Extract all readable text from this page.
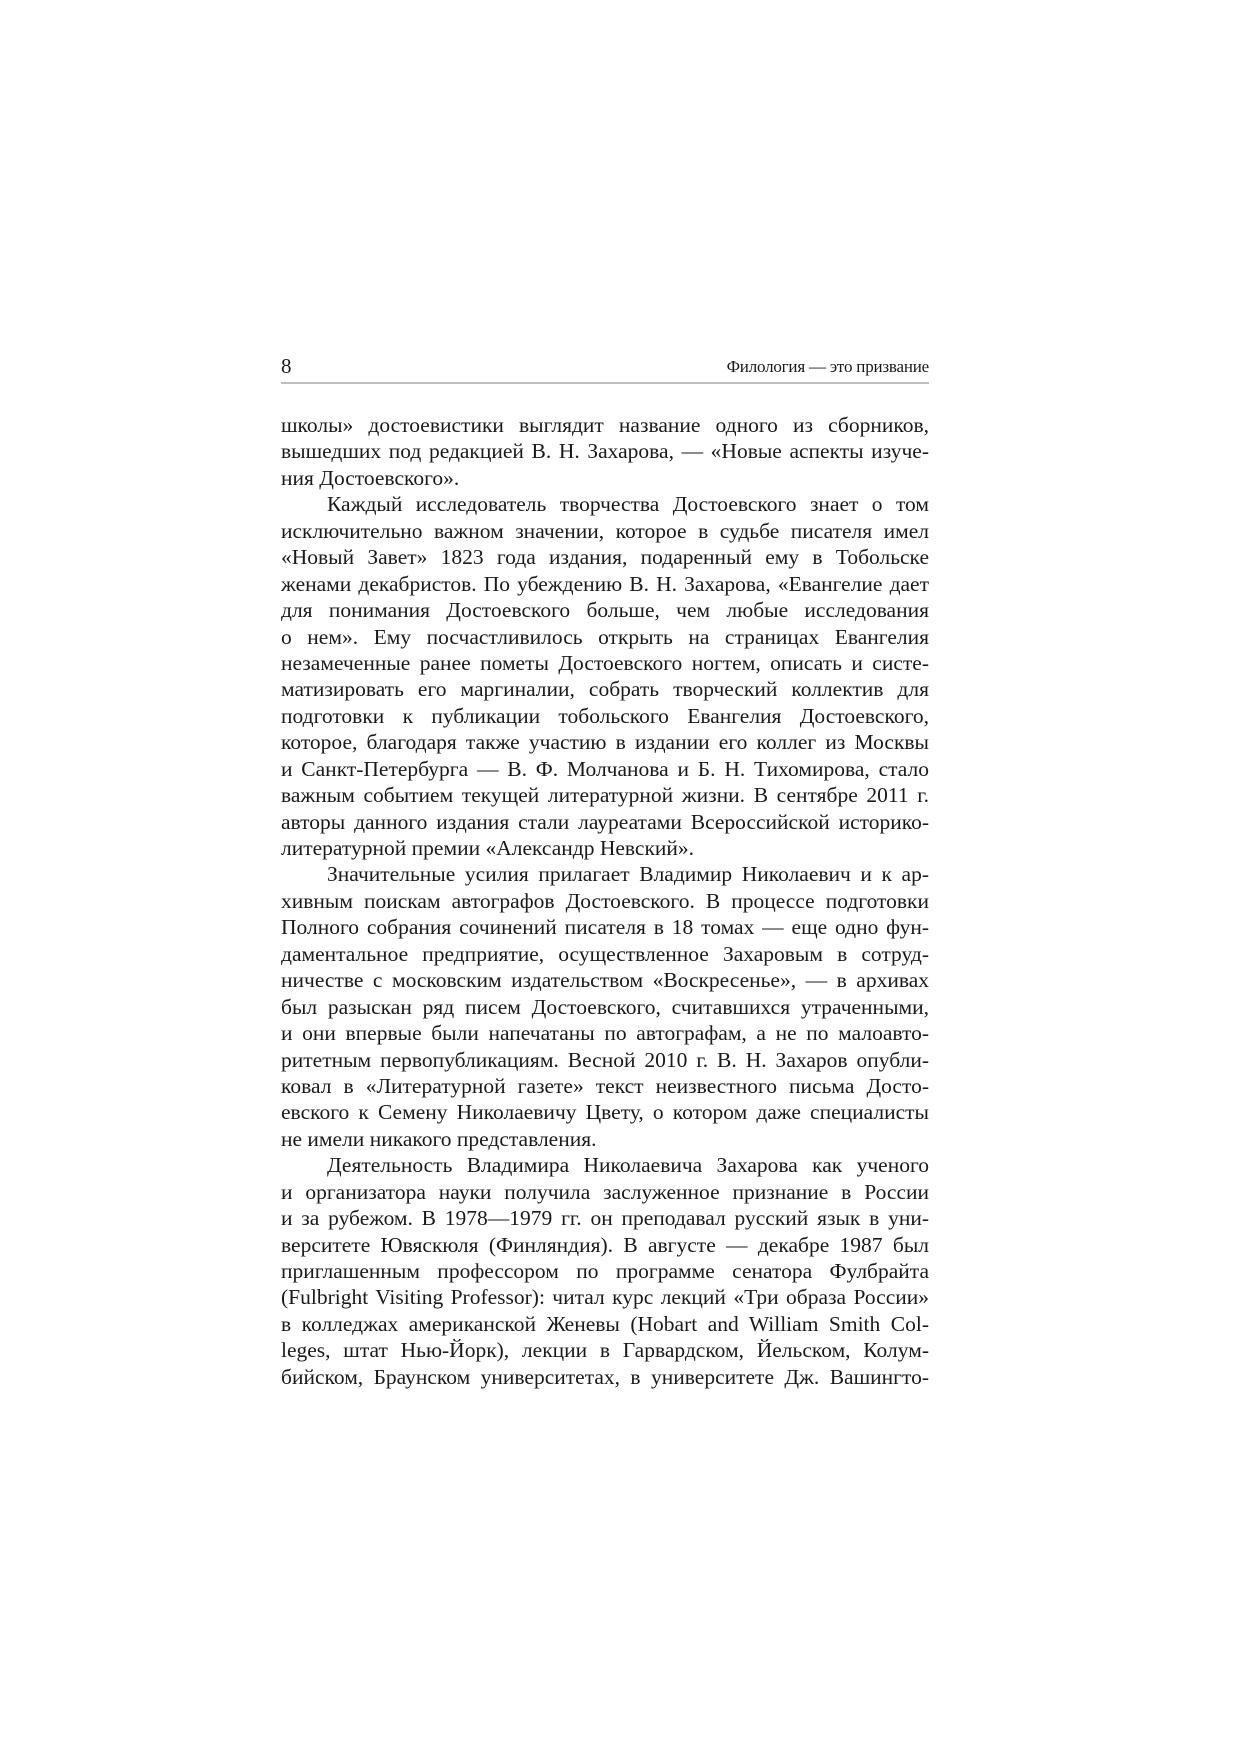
8	Филология — это призвание
школы» достоевистики выглядит название одного из сборников,
вышедших под редакцией В. Н. Захарова, — «Новые аспекты изуче-
ния Достоевского».
Каждый исследователь творчества Достоевского знает о том
исключительно важном значении, которое в судьбе писателя имел
«Новый Завет» 1823 года издания, подаренный ему в Тобольске
женами декабристов. По убеждению В. Н. Захарова, «Евангелие дает
для понимания Достоевского больше, чем любые исследования
о нем». Ему посчастливилось открыть на страницах Евангелия
незамеченные ранее пометы Достоевского ногтем, описать и систе-
матизировать его маргиналии, собрать творческий коллектив для
подготовки к публикации тобольского Евангелия Достоевского,
которое, благодаря также участию в издании его коллег из Москвы
и Санкт-Петербурга — В. Ф. Молчанова и Б. Н. Тихомирова, стало
важным событием текущей литературной жизни. В сентябре 2011 г.
авторы данного издания стали лауреатами Всероссийской историко-
литературной премии «Александр Невский».
Значительные усилия прилагает Владимир Николаевич и к ар-
хивным поискам автографов Достоевского. В процессе подготовки
Полного собрания сочинений писателя в 18 томах — еще одно фун-
даментальное предприятие, осуществленное Захаровым в сотруд-
ничестве с московским издательством «Воскресенье», — в архивах
был разыскан ряд писем Достоевского, считавшихся утраченными,
и они впервые были напечатаны по автографам, а не по малоавто-
ритетным первопубликациям. Весной 2010 г. В. Н. Захаров опубли-
ковал в «Литературной газете» текст неизвестного письма Досто-
евского к Семену Николаевичу Цвету, о котором даже специалисты
не имели никакого представления.
Деятельность Владимира Николаевича Захарова как ученого
и организатора науки получила заслуженное признание в России
и за рубежом. В 1978—1979 гг. он преподавал русский язык в уни-
верситете Ювяскюля (Финляндия). В августе — декабре 1987 был
приглашенным профессором по программе сенатора Фулбрайта
(Fulbright Visiting Professor): читал курс лекций «Три образа России»
в колледжах американской Женевы (Hobart and William Smith Col-
leges, штат Нью-Йорк), лекции в Гарвардском, Йельском, Колум-
бийском, Браунском университетах, в университете Дж. Вашингто-
